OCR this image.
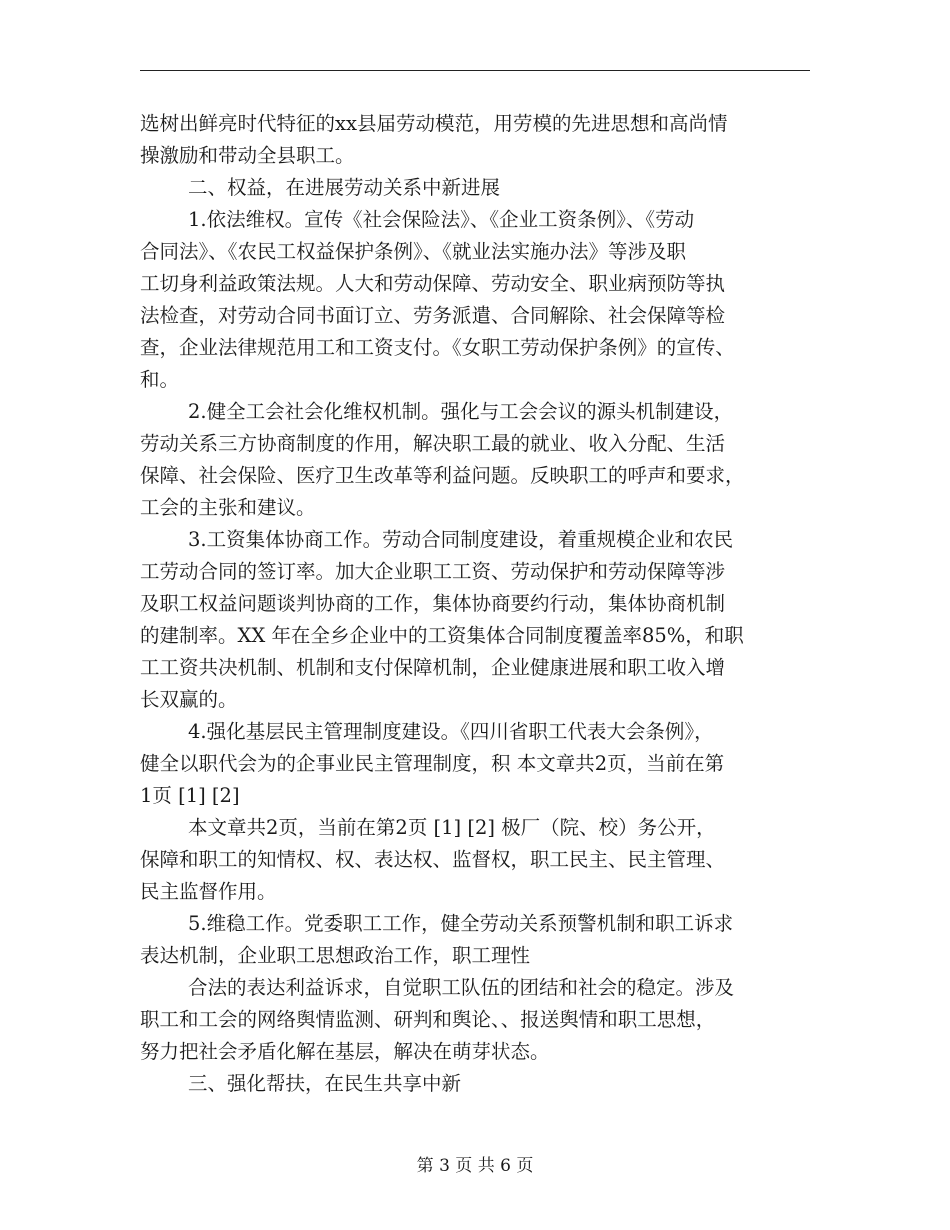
选树出鲜亮时代特征的xx县届劳动模范，用劳模的先进思想和高尚情
操激励和带动全县职工。
二、权益，在进展劳动关系中新进展
1.依法维权。宣传《社会保险法》、《企业工资条例》、《劳动
合同法》、《农民工权益保护条例》、《就业法实施办法》等涉及职
工切身利益政策法规。人大和劳动保障、劳动安全、职业病预防等执
法检查，对劳动合同书面订立、劳务派遣、合同解除、社会保障等检
查，企业法律规范用工和工资支付。《女职工劳动保护条例》的宣传、
和。
2.健全工会社会化维权机制。强化与工会会议的源头机制建设，
劳动关系三方协商制度的作用，解决职工最的就业、收入分配、生活
保障、社会保险、医疗卫生改革等利益问题。反映职工的呼声和要求，
工会的主张和建议。
3.工资集体协商工作。劳动合同制度建设，着重规模企业和农民
工劳动合同的签订率。加大企业职工工资、劳动保护和劳动保障等涉
及职工权益问题谈判协商的工作，集体协商要约行动，集体协商机制
的建制率。XX 年在全乡企业中的工资集体合同制度覆盖率85%，和职
工工资共决机制、机制和支付保障机制，企业健康进展和职工收入增
长双赢的。
4.强化基层民主管理制度建设。《四川省职工代表大会条例》，
健全以职代会为的企事业民主管理制度，积 本文章共2页，当前在第
1页 [1] [2]
本文章共2页，当前在第2页 [1] [2] 极厂（院、校）务公开，
保障和职工的知情权、权、表达权、监督权，职工民主、民主管理、
民主监督作用。
5.维稳工作。党委职工工作，健全劳动关系预警机制和职工诉求
表达机制，企业职工思想政治工作，职工理性
合法的表达利益诉求，自觉职工队伍的团结和社会的稳定。涉及
职工和工会的网络舆情监测、研判和舆论、、报送舆情和职工思想，
努力把社会矛盾化解在基层，解决在萌芽状态。
三、强化帮扶，在民生共享中新
第 3 页 共 6 页
